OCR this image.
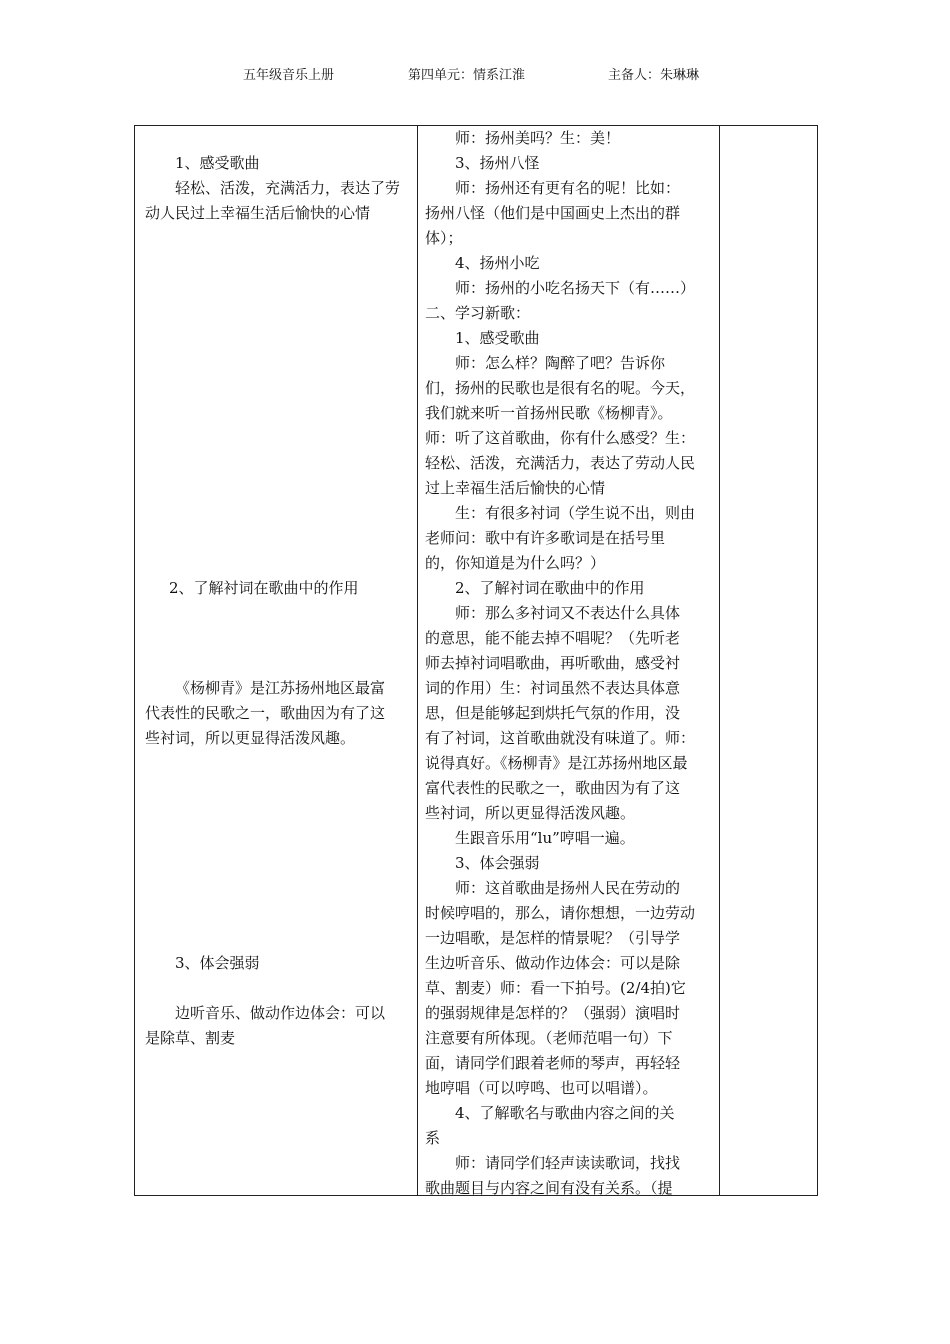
五年级音乐上册	第四单元：情系江淮	主备人：朱琳琳
1、感受歌曲
轻松、活泼，充满活力，表达了劳
动人民过上幸福生活后愉快的心情
2、了解衬词在歌曲中的作用
《杨柳青》是江苏扬州地区最富
代表性的民歌之一，歌曲因为有了这
些衬词，所以更显得活泼风趣。
3、体会强弱
边听音乐、做动作边体会：可以
是除草、割麦
师：扬州美吗？生：美！
3、扬州八怪
师：扬州还有更有名的呢！比如：
扬州八怪（他们是中国画史上杰出的群
体）；
4、扬州小吃
师：扬州的小吃名扬天下（有……）
二、学习新歌：
1、感受歌曲
师：怎么样？陶醉了吧？告诉你
们，扬州的民歌也是很有名的呢。今天，
我们就来听一首扬州民歌《杨柳青》。
师：听了这首歌曲，你有什么感受？生：
轻松、活泼，充满活力，表达了劳动人民
过上幸福生活后愉快的心情
生：有很多衬词（学生说不出，则由
老师问：歌中有许多歌词是在括号里
的，你知道是为什么吗？）
2、了解衬词在歌曲中的作用
师：那么多衬词又不表达什么具体
的意思，能不能去掉不唱呢？（先听老
师去掉衬词唱歌曲，再听歌曲，感受衬
词的作用）生：衬词虽然不表达具体意
思，但是能够起到烘托气氛的作用，没
有了衬词，这首歌曲就没有味道了。师：
说得真好。《杨柳青》是江苏扬州地区最
富代表性的民歌之一，歌曲因为有了这
些衬词，所以更显得活泼风趣。
生跟音乐用“lu”哼唱一遍。
3、体会强弱
师：这首歌曲是扬州人民在劳动的
时候哼唱的，那么，请你想想，一边劳动
一边唱歌，是怎样的情景呢？（引导学
生边听音乐、做动作边体会：可以是除
草、割麦）师：看一下拍号。(2/4拍)它
的强弱规律是怎样的？（强弱）演唱时
注意要有所体现。（老师范唱一句）下
面，请同学们跟着老师的琴声，再轻轻
地哼唱（可以哼鸣、也可以唱谱）。
4、了解歌名与歌曲内容之间的关
系
师：请同学们轻声读读歌词，找找
歌曲题目与内容之间有没有关系。（提
